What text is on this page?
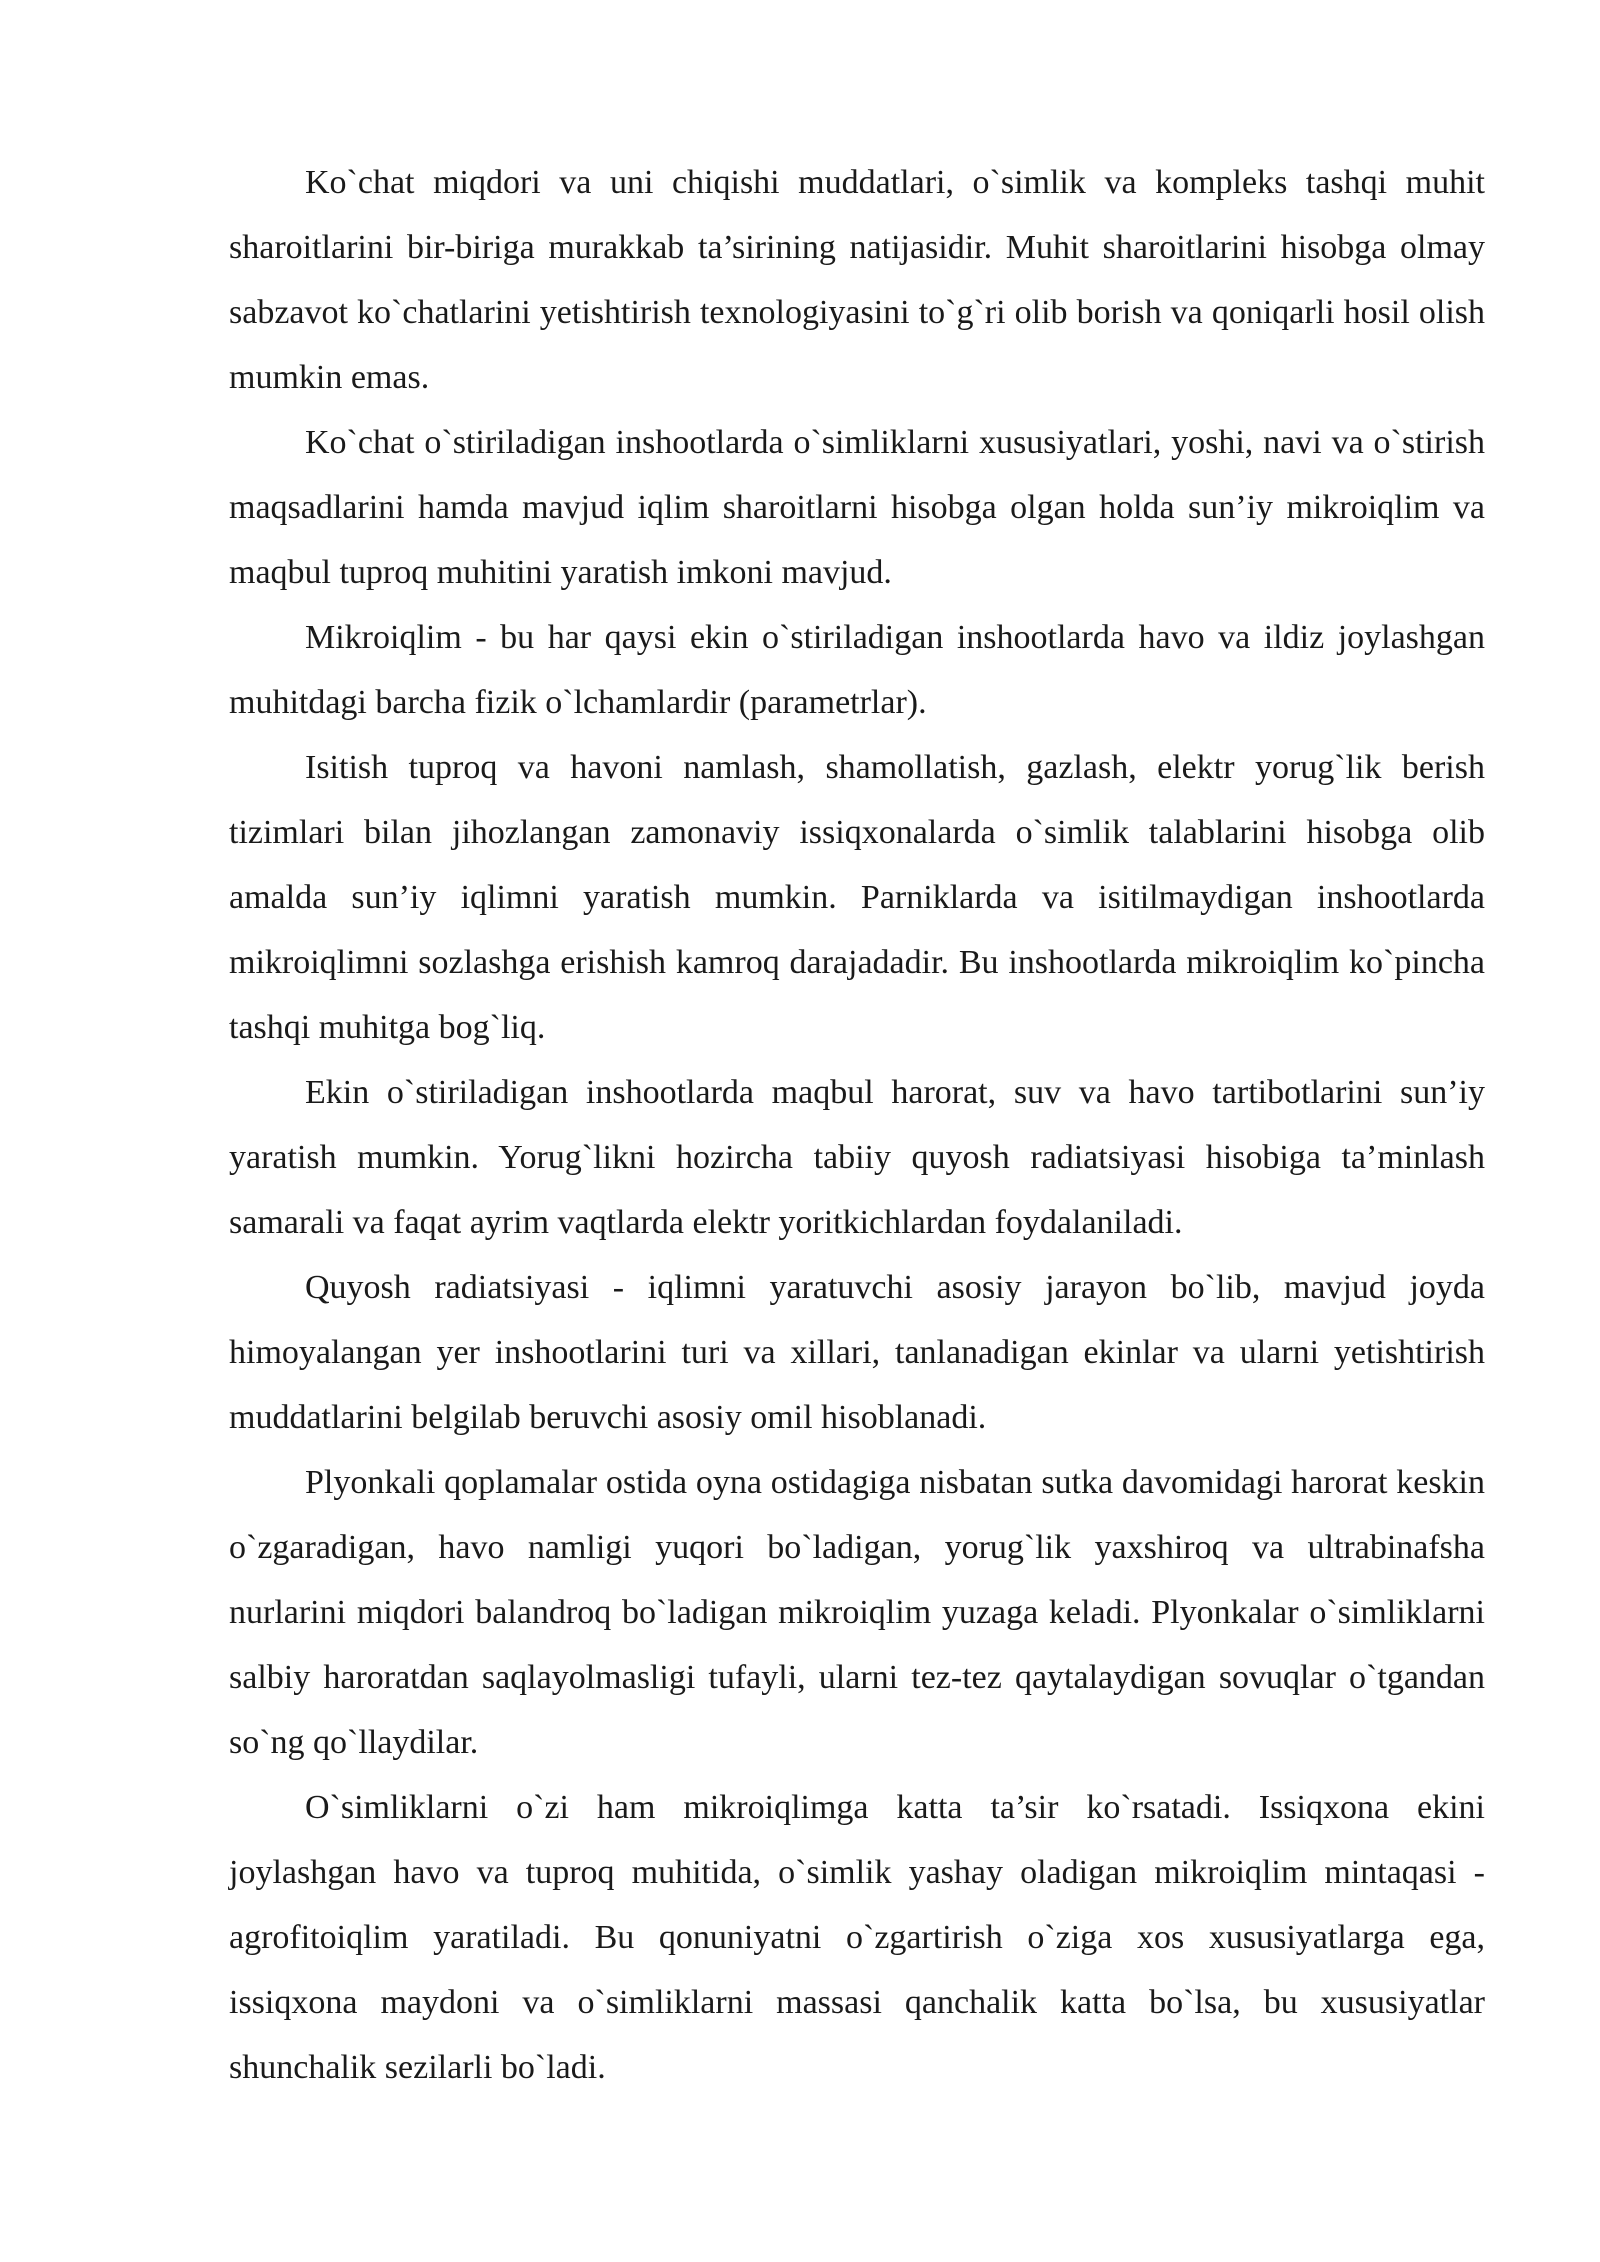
Ko`chat miqdori va uni chiqishi muddatlari, o`simlik va kompleks tashqi muhit sharoitlarini bir-biriga murakkab ta’sirining natijasidir. Muhit sharoitlarini hisobga olmay sabzavot ko`chatlarini yetishtirish texnologiyasini to`g`ri olib borish va qoniqarli hosil olish mumkin emas.

Ko`chat o`stiriladigan inshootlarda o`simliklarni xususiyatlari, yoshi, navi va o`stirish maqsadlarini hamda mavjud iqlim sharoitlarni hisobga olgan holda sun’iy mikroiqlim va maqbul tuproq muhitini yaratish imkoni mavjud.

Mikroiqlim - bu har qaysi ekin o`stiriladigan inshootlarda havo va ildiz joylashgan muhitdagi barcha fizik o`lchamlardir (parametrlar).

Isitish tuproq va havoni namlash, shamollatish, gazlash, elektr yorug`lik berish tizimlari bilan jihozlangan zamonaviy issiqxonalarda o`simlik talablarini hisobga olib amalda sun’iy iqlimni yaratish mumkin. Parniklarda va isitilmaydigan inshootlarda mikroiqlimni sozlashga erishish kamroq darajadadir. Bu inshootlarda mikroiqlim ko`pincha tashqi muhitga bog`liq.

Ekin o`stiriladigan inshootlarda maqbul harorat, suv va havo tartibotlarini sun’iy yaratish mumkin. Yorug`likni hozircha tabiiy quyosh radiatsiyasi hisobiga ta’minlash samarali va faqat ayrim vaqtlarda elektr yoritkichlardan foydalaniladi.

Quyosh radiatsiyasi - iqlimni yaratuvchi asosiy jarayon bo`lib, mavjud joyda himoyalangan yer inshootlarini turi va xillari, tanlanadigan ekinlar va ularni yetishtirish muddatlarini belgilab beruvchi asosiy omil hisoblanadi.

Plyonkali qoplamalar ostida oyna ostidagiga nisbatan sutka davomidagi harorat keskin o`zgaradigan, havo namligi yuqori bo`ladigan, yorug`lik yaxshiroq va ultrabinafsha nurlarini miqdori balandroq bo`ladigan mikroiqlim yuzaga keladi. Plyonkalar o`simliklarni salbiy haroratdan saqlayolmasligi tufayli, ularni tez-tez qaytalaydigan sovuqlar o`tgandan so`ng qo`llaydilar.

O`simliklarni o`zi ham mikroiqlimga katta ta’sir ko`rsatadi. Issiqxona ekini joylashgan havo va tuproq muhitida, o`simlik yashay oladigan mikroiqlim mintaqasi - agrofitoiqlim yaratiladi. Bu qonuniyatni o`zgartirish o`ziga xos xususiyatlarga ega, issiqxona maydoni va o`simliklarni massasi qanchalik katta bo`lsa, bu xususiyatlar shunchalik sezilarli bo`ladi.
